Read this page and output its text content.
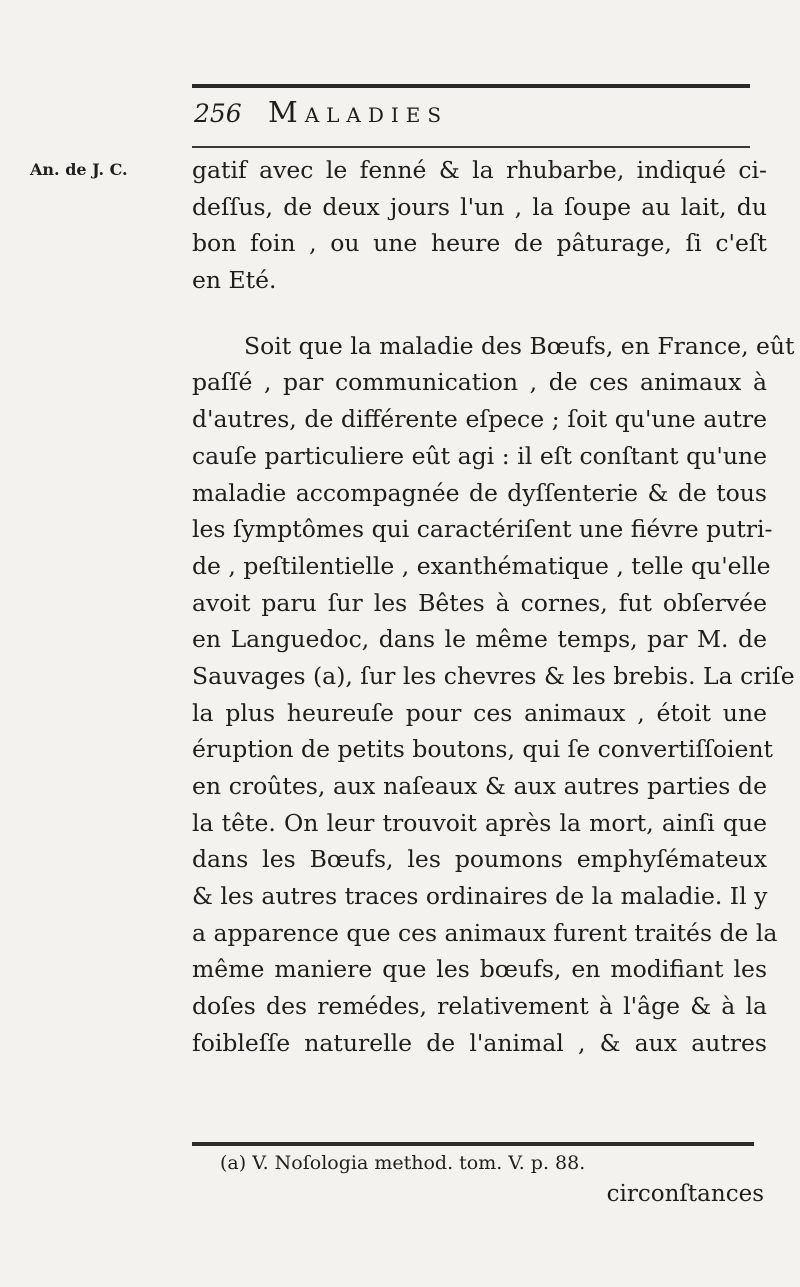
256 Maladies
An. de J. C.	gatif avec le fenné & la rhubarbe, indiqué ci-
deſſus, de deux jours l'un , la ſoupe au lait, du
bon foin , ou une heure de pâturage, ſi c'eſt
en Eté.
Soit que la maladie des Bœufs, en France, eût
paſſé , par communication , de ces animaux à
d'autres, de différente eſpece ; ſoit qu'une autre
cauſe particuliere eût agi : il eſt conſtant qu'une
maladie accompagnée de dyſſenterie & de tous
les ſymptômes qui caractériſent une fiévre putri-
de , peſtilentielle , exanthématique , telle qu'elle
avoit paru ſur les Bêtes à cornes, fut obſervée
en Languedoc, dans le même temps, par M. de
Sauvages (a), ſur les chevres & les brebis. La criſe
la plus heureuſe pour ces animaux , étoit une
éruption de petits boutons, qui ſe convertiſſoient
en croûtes, aux naſeaux & aux autres parties de
la tête. On leur trouvoit après la mort, ainſi que
dans les Bœufs, les poumons emphyſémateux
& les autres traces ordinaires de la maladie. Il y
a apparence que ces animaux furent traités de la
même maniere que les bœufs, en modifiant les
doſes des remédes, relativement à l'âge & à la
foibleſſe naturelle de l'animal , & aux autres
(a) V. Noſologia method. tom. V. p. 88.
circonſtances
